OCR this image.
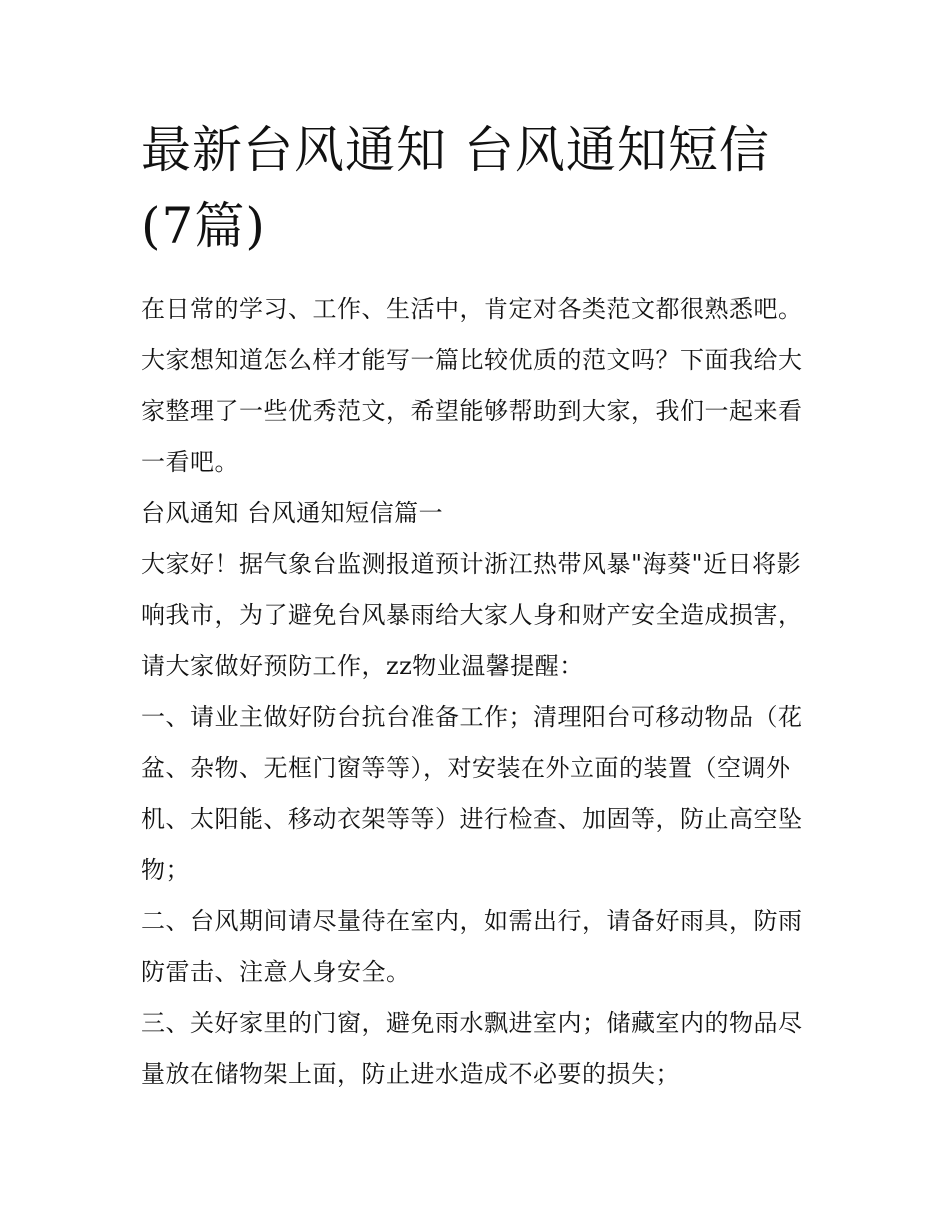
最新台风通知 台风通知短信(7篇)

在日常的学习、工作、生活中，肯定对各类范文都很熟悉吧。大家想知道怎么样才能写一篇比较优质的范文吗？下面我给大家整理了一些优秀范文，希望能够帮助到大家，我们一起来看一看吧。

台风通知 台风通知短信篇一

大家好！据气象台监测报道预计浙江热带风暴"海葵"近日将影响我市，为了避免台风暴雨给大家人身和财产安全造成损害，请大家做好预防工作，zz物业温馨提醒：

一、请业主做好防台抗台准备工作；清理阳台可移动物品（花盆、杂物、无框门窗等等），对安装在外立面的装置（空调外机、太阳能、移动衣架等等）进行检查、加固等，防止高空坠物；

二、台风期间请尽量待在室内，如需出行，请备好雨具，防雨防雷击、注意人身安全。

三、关好家里的门窗，避免雨水飘进室内；储藏室内的物品尽量放在储物架上面，防止进水造成不必要的损失；
